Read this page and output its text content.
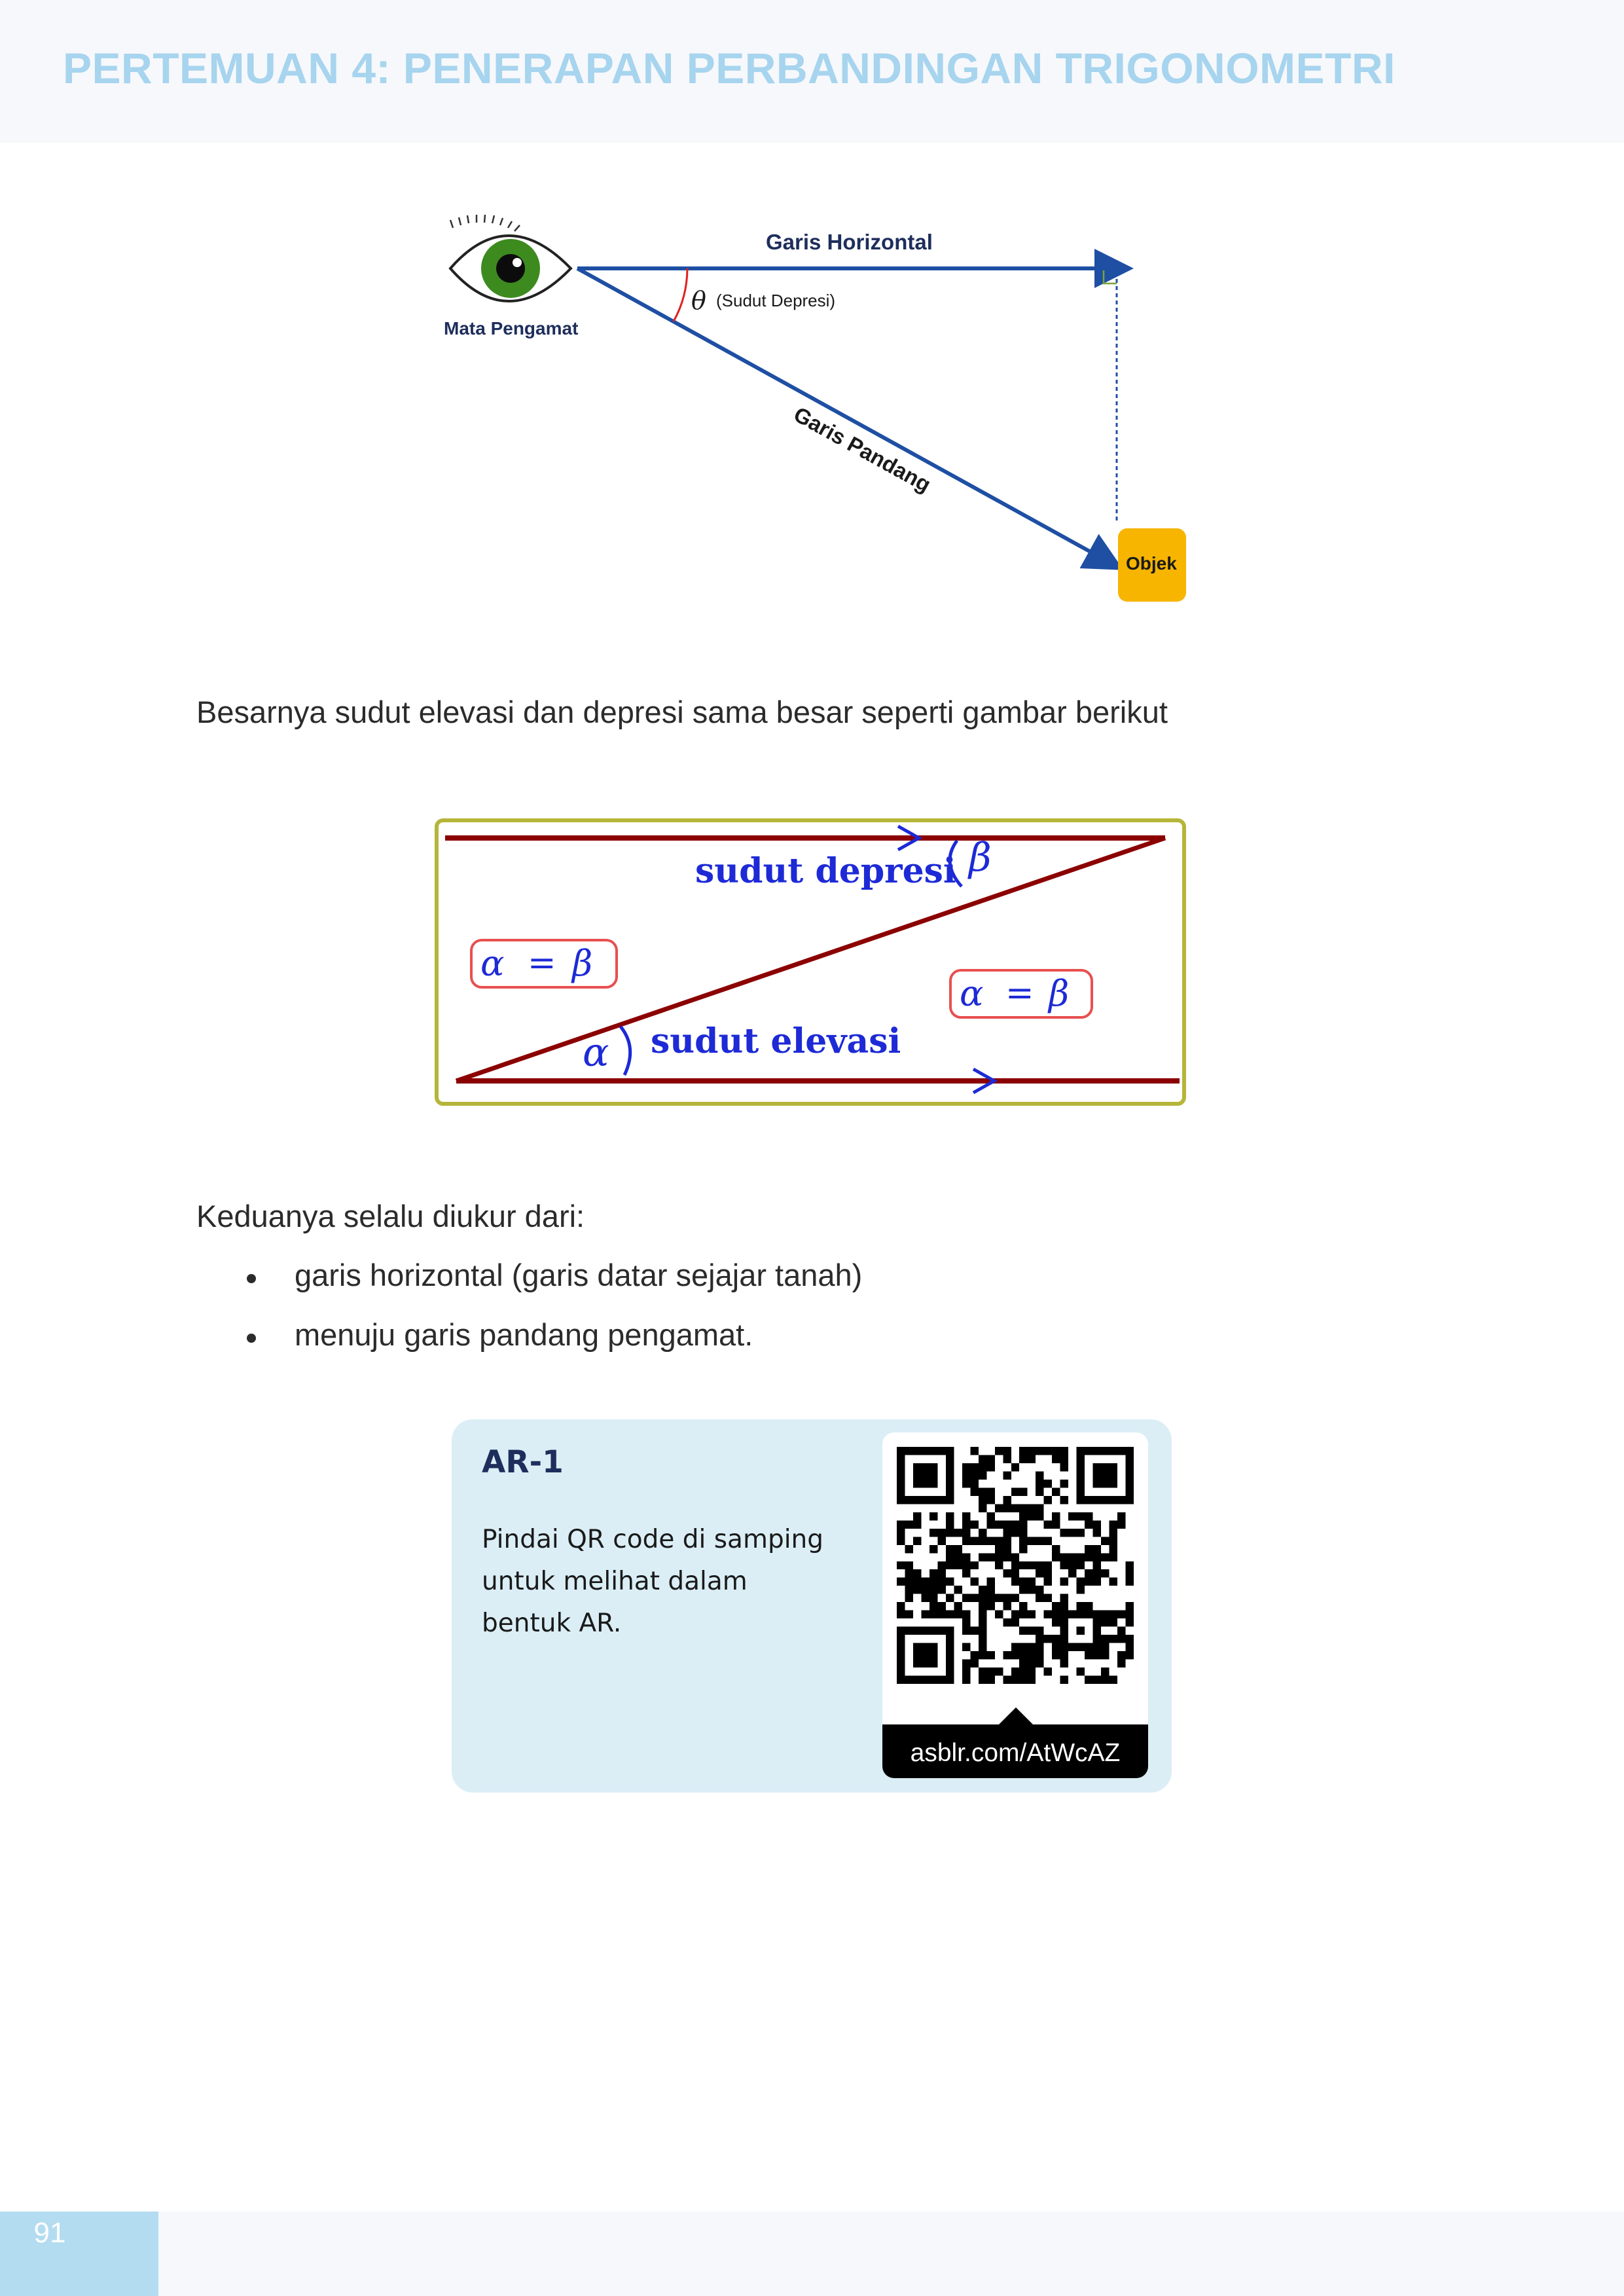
PERTEMUAN 4: PENERAPAN PERBANDINGAN TRIGONOMETRI
Mata Pengamat
Garis Horizontal
Garis Pandang
θ (Sudut Depresi)
Objek
Besarnya sudut elevasi dan depresi sama besar seperti gambar berikut
sudut depresi β
sudut elevasi
α
α = β
α = β
Keduanya selalu diukur dari:
garis horizontal (garis datar sejajar tanah)
menuju garis pandang pengamat.
AR-1
Pindai QR code di samping
untuk melihat dalam
bentuk AR.
asblr.com/AtWcAZ
91
